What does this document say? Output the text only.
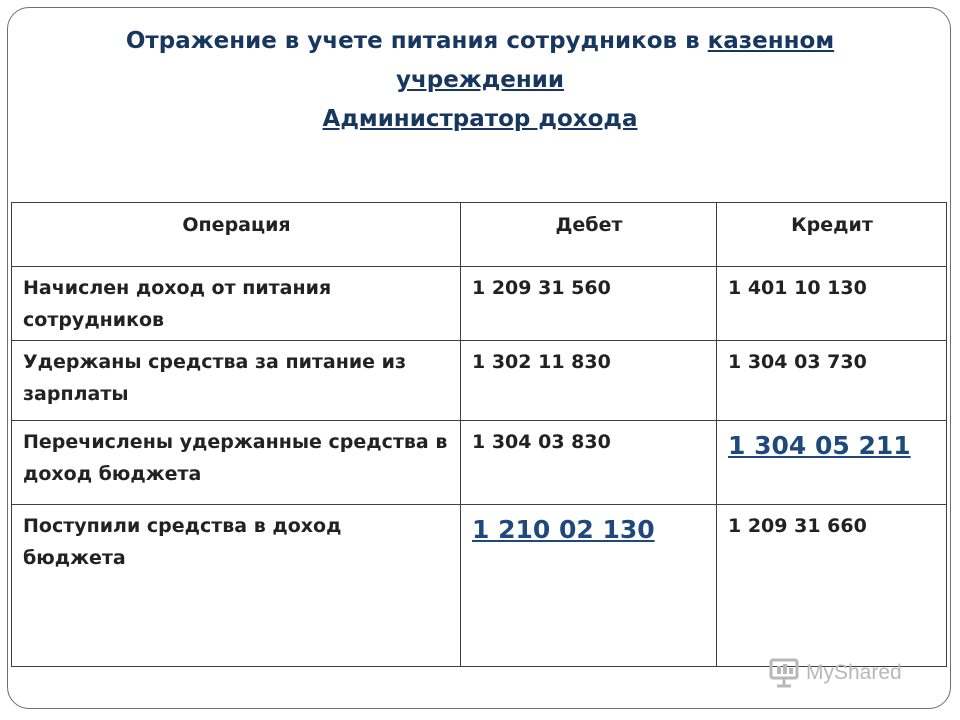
Отражение в учете питания сотрудников в казенном
учреждении
Администратор дохода
Операция	Дебет	Кредит
Начислен доход от питания сотрудников	1 209 31 560	1 401 10 130
Удержаны средства за питание из зарплаты	1 302 11 830	1 304 03 730
Перечислены удержанные средства в доход бюджета	1 304 03 830	1 304 05 211
Поступили средства в доход бюджета	1 210 02 130	1 209 31 660
MyShared
